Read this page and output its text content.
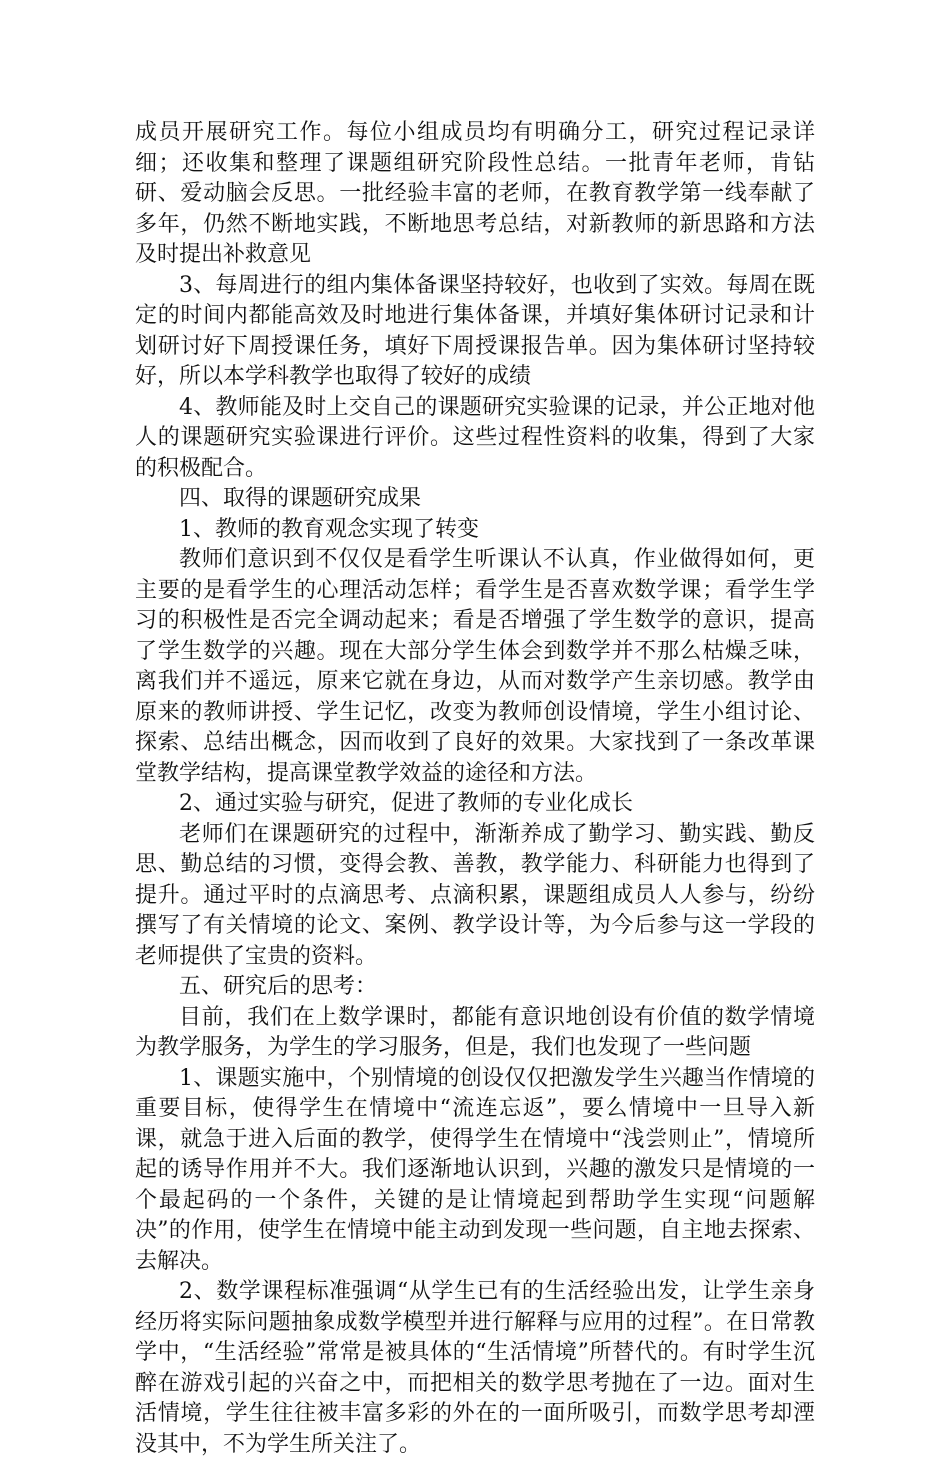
成员开展研究工作。每位小组成员均有明确分工，研究过程记录详细；还收集和整理了课题组研究阶段性总结。一批青年老师，肯钻研、爱动脑会反思。一批经验丰富的老师，在教育教学第一线奉献了多年，仍然不断地实践，不断地思考总结，对新教师的新思路和方法及时提出补救意见

3、每周进行的组内集体备课坚持较好，也收到了实效。每周在既定的时间内都能高效及时地进行集体备课，并填好集体研讨记录和计划研讨好下周授课任务，填好下周授课报告单。因为集体研讨坚持较好，所以本学科教学也取得了较好的成绩

4、教师能及时上交自己的课题研究实验课的记录，并公正地对他人的课题研究实验课进行评价。这些过程性资料的收集，得到了大家的积极配合。

四、取得的课题研究成果

1、教师的教育观念实现了转变

教师们意识到不仅仅是看学生听课认不认真，作业做得如何，更主要的是看学生的心理活动怎样；看学生是否喜欢数学课；看学生学习的积极性是否完全调动起来；看是否增强了学生数学的意识，提高了学生数学的兴趣。现在大部分学生体会到数学并不那么枯燥乏味，离我们并不遥远，原来它就在身边，从而对数学产生亲切感。教学由原来的教师讲授、学生记忆，改变为教师创设情境，学生小组讨论、探索、总结出概念，因而收到了良好的效果。大家找到了一条改革课堂教学结构，提高课堂教学效益的途径和方法。

2、通过实验与研究，促进了教师的专业化成长

老师们在课题研究的过程中，渐渐养成了勤学习、勤实践、勤反思、勤总结的习惯，变得会教、善教，教学能力、科研能力也得到了提升。通过平时的点滴思考、点滴积累，课题组成员人人参与，纷纷撰写了有关情境的论文、案例、教学设计等，为今后参与这一学段的老师提供了宝贵的资料。

五、研究后的思考：

目前，我们在上数学课时，都能有意识地创设有价值的数学情境为教学服务，为学生的学习服务，但是，我们也发现了一些问题

1、课题实施中，个别情境的创设仅仅把激发学生兴趣当作情境的重要目标，使得学生在情境中“流连忘返”，要么情境中一旦导入新课，就急于进入后面的教学，使得学生在情境中“浅尝则止”，情境所起的诱导作用并不大。我们逐渐地认识到，兴趣的激发只是情境的一个最起码的一个条件，关键的是让情境起到帮助学生实现“问题解决”的作用，使学生在情境中能主动到发现一些问题，自主地去探索、去解决。

2、数学课程标准强调“从学生已有的生活经验出发，让学生亲身经历将实际问题抽象成数学模型并进行解释与应用的过程”。在日常教学中，“生活经验”常常是被具体的“生活情境”所替代的。有时学生沉醉在游戏引起的兴奋之中，而把相关的数学思考抛在了一边。面对生活情境，学生往往被丰富多彩的外在的一面所吸引，而数学思考却湮没其中，不为学生所关注了。
